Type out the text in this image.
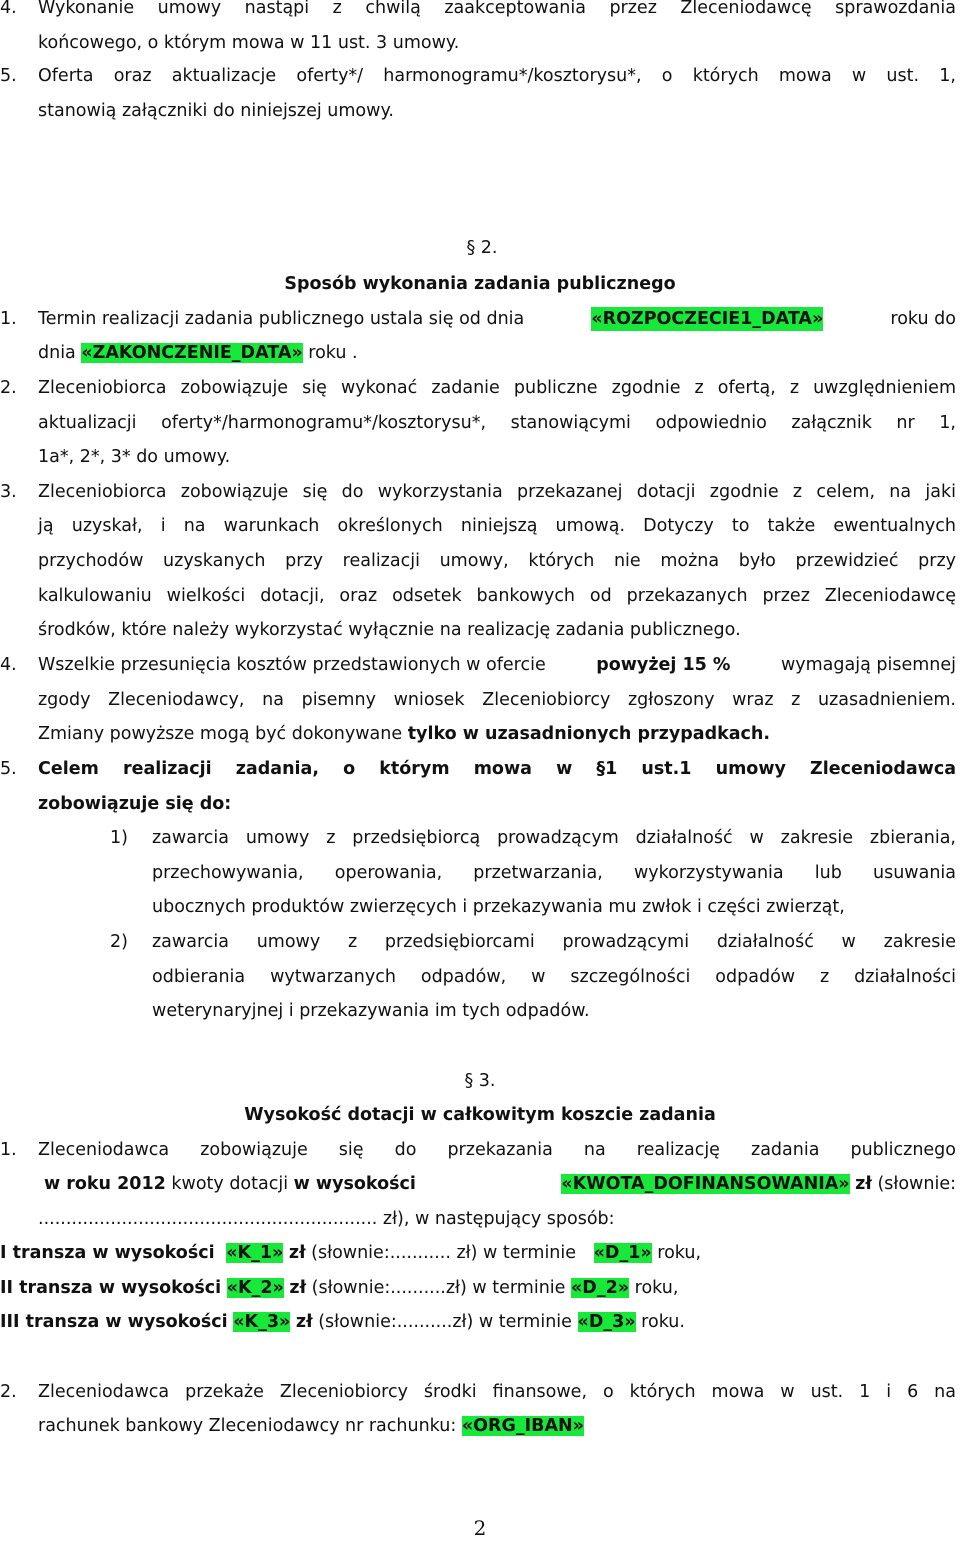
4. Wykonanie umowy nastąpi z chwilą zaakceptowania przez Zleceniodawcę sprawozdania
końcowego, o którym mowa w 11 ust. 3 umowy.
5. Oferta oraz aktualizacje oferty*/ harmonogramu*/kosztorysu*, o których mowa w ust. 1,
stanowią załączniki do niniejszej umowy.
§ 2.
Sposób wykonania zadania publicznego
1. Termin realizacji zadania publicznego ustala się od dnia	«ROZPOCZECIE1_DATA»	roku do
dnia «ZAKONCZENIE_DATA» roku .
2. Zleceniobiorca zobowiązuje się wykonać zadanie publiczne zgodnie z ofertą, z uwzględnieniem
aktualizacji oferty*/harmonogramu*/kosztorysu*, stanowiącymi odpowiednio załącznik nr 1,
1a*, 2*, 3* do umowy.
3. Zleceniobiorca zobowiązuje się do wykorzystania przekazanej dotacji zgodnie z celem, na jaki
ją uzyskał, i na warunkach określonych niniejszą umową. Dotyczy to także ewentualnych
przychodów uzyskanych przy realizacji umowy, których nie można było przewidzieć przy
kalkulowaniu wielkości dotacji, oraz odsetek bankowych od przekazanych przez Zleceniodawcę
środków, które należy wykorzystać wyłącznie na realizację zadania publicznego.
4. Wszelkie przesunięcia kosztów przedstawionych w ofercie	powyżej 15 %	wymagają pisemnej
zgody Zleceniodawcy, na pisemny wniosek Zleceniobiorcy zgłoszony wraz z uzasadnieniem.
Zmiany powyższe mogą być dokonywane tylko w uzasadnionych przypadkach.
5. Celem realizacji zadania, o którym mowa w §1 ust.1 umowy Zleceniodawca
zobowiązuje się do:
1) zawarcia umowy z przedsiębiorcą prowadzącym działalność w zakresie zbierania,
przechowywania, operowania, przetwarzania, wykorzystywania lub usuwania
ubocznych produktów zwierzęcych i przekazywania mu zwłok i części zwierząt,
2) zawarcia umowy z przedsiębiorcami prowadzącymi działalność w zakresie
odbierania wytwarzanych odpadów, w szczególności odpadów z działalności
weterynaryjnej i przekazywania im tych odpadów.
§ 3.
Wysokość dotacji w całkowitym koszcie zadania
1. Zleceniodawca zobowiązuje się do przekazania na realizację zadania publicznego
w roku 2012 kwoty dotacji w wysokości	«KWOTA_DOFINANSOWANIA» zł (słownie:
............................................................. zł), w następujący sposób:
I transza w wysokości «K_1» zł (słownie:........... zł) w terminie «D_1» roku,
II transza w wysokości «K_2» zł (słownie:..........zł) w terminie «D_2» roku,
III transza w wysokości «K_3» zł (słownie:..........zł) w terminie «D_3» roku.
2. Zleceniodawca przekaże Zleceniobiorcy środki finansowe, o których mowa w ust. 1 i 6 na
rachunek bankowy Zleceniodawcy nr rachunku: «ORG_IBAN»
2
